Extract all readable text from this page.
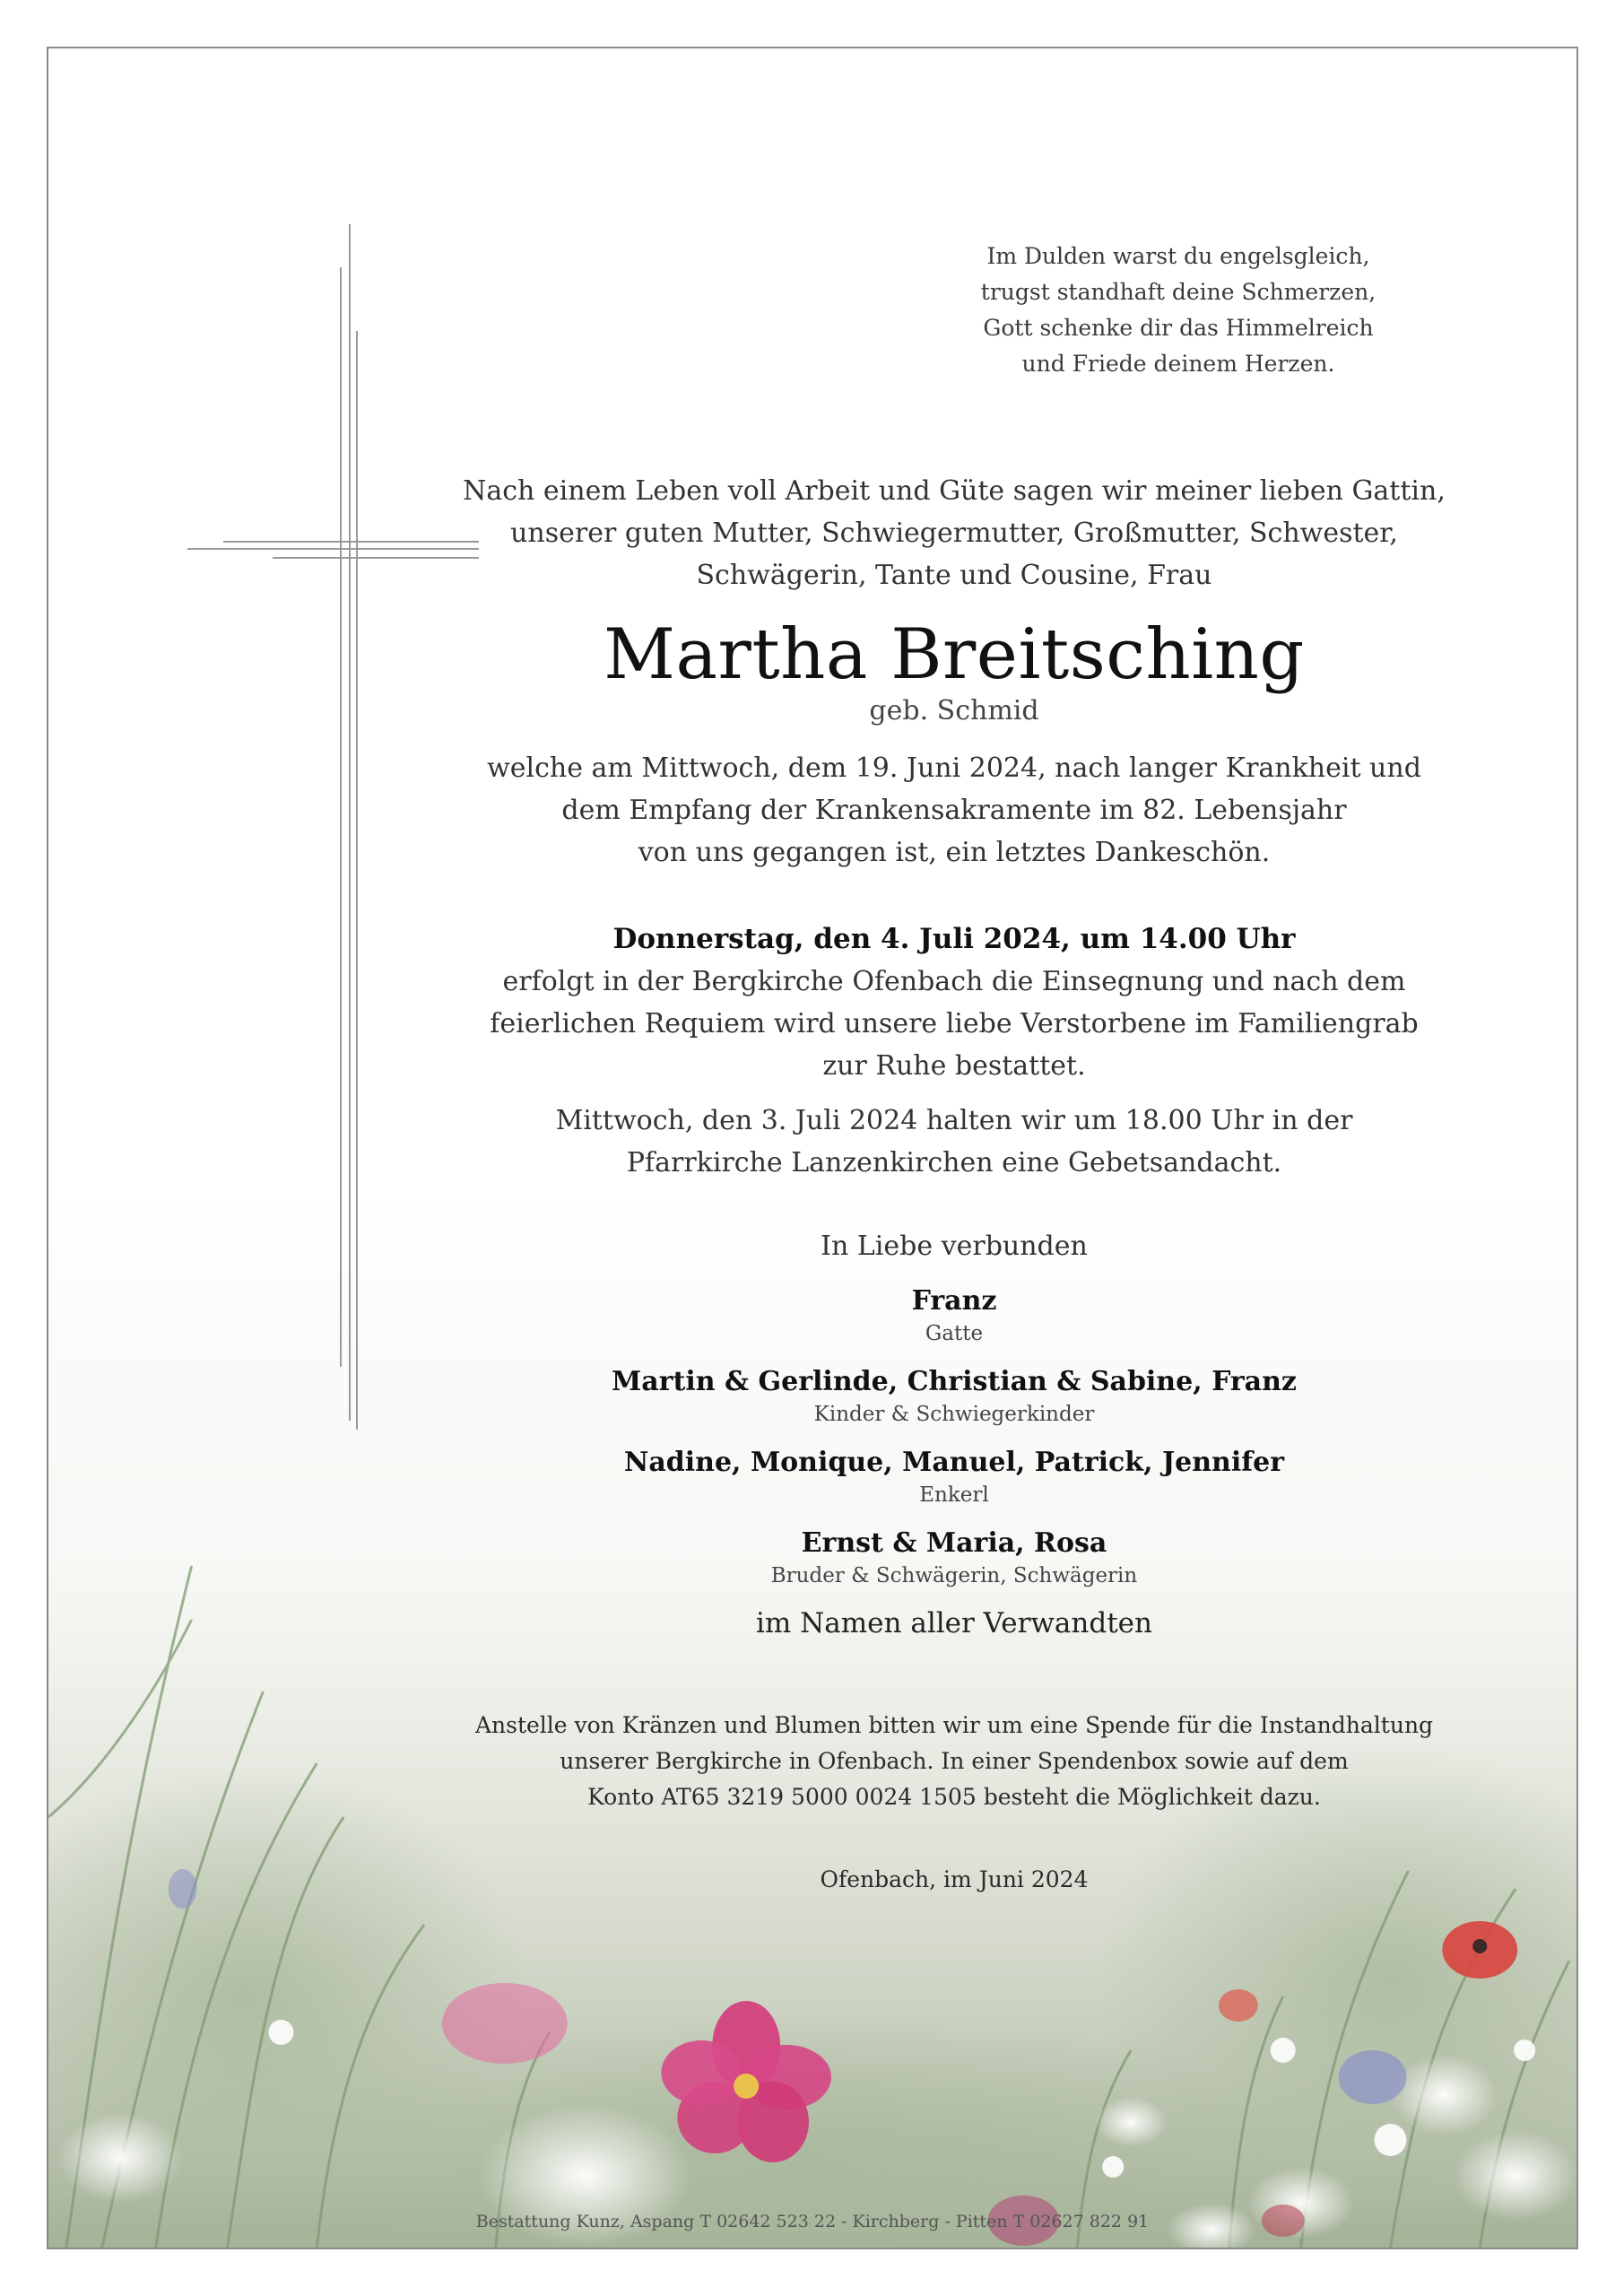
Im Dulden warst du engelsgleich,
trugst standhaft deine Schmerzen,
Gott schenke dir das Himmelreich
und Friede deinem Herzen.
Nach einem Leben voll Arbeit und Güte sagen wir meiner lieben Gattin,
unserer guten Mutter, Schwiegermutter, Großmutter, Schwester,
Schwägerin, Tante und Cousine, Frau
Martha Breitsching
geb. Schmid
welche am Mittwoch, dem 19. Juni 2024, nach langer Krankheit und
dem Empfang der Krankensakramente im 82. Lebensjahr
von uns gegangen ist, ein letztes Dankeschön.
Donnerstag, den 4. Juli 2024, um 14.00 Uhr
erfolgt in der Bergkirche Ofenbach die Einsegnung und nach dem
feierlichen Requiem wird unsere liebe Verstorbene im Familiengrab
zur Ruhe bestattet.
Mittwoch, den 3. Juli 2024 halten wir um 18.00 Uhr in der
Pfarrkirche Lanzenkirchen eine Gebetsandacht.
In Liebe verbunden
Franz
Gatte
Martin & Gerlinde, Christian & Sabine, Franz
Kinder & Schwiegerkinder
Nadine, Monique, Manuel, Patrick, Jennifer
Enkerl
Ernst & Maria, Rosa
Bruder & Schwägerin, Schwägerin
im Namen aller Verwandten
Anstelle von Kränzen und Blumen bitten wir um eine Spende für die Instandhaltung
unserer Bergkirche in Ofenbach. In einer Spendenbox sowie auf dem
Konto AT65 3219 5000 0024 1505 besteht die Möglichkeit dazu.
Ofenbach, im Juni 2024
Bestattung Kunz, Aspang T 02642 523 22 - Kirchberg - Pitten T 02627 822 91
